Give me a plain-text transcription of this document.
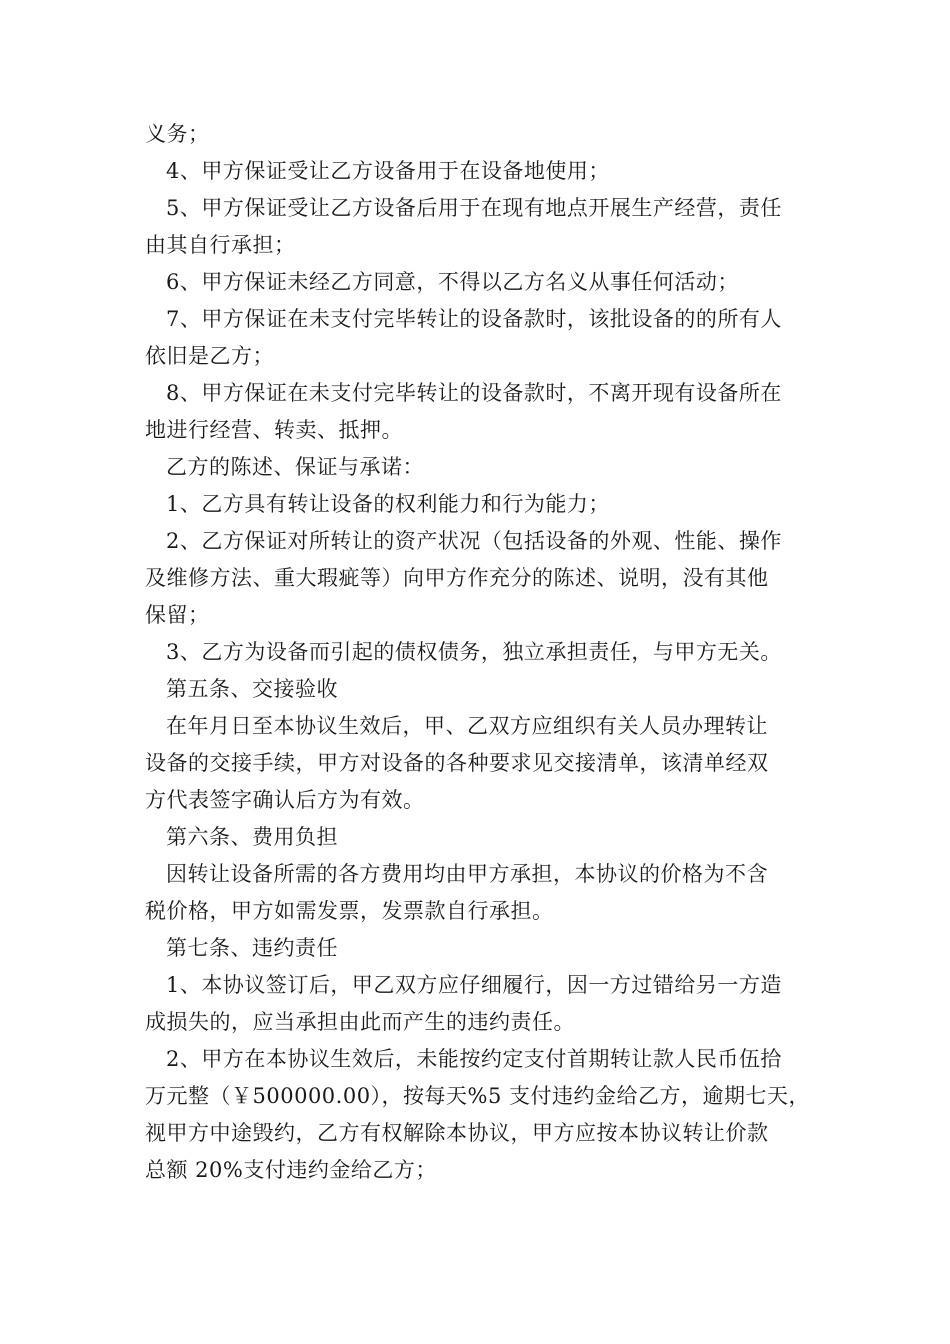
义务；
4、甲方保证受让乙方设备用于在设备地使用；
5、甲方保证受让乙方设备后用于在现有地点开展生产经营，责任
由其自行承担；
6、甲方保证未经乙方同意，不得以乙方名义从事任何活动；
7、甲方保证在未支付完毕转让的设备款时，该批设备的的所有人
依旧是乙方；
8、甲方保证在未支付完毕转让的设备款时，不离开现有设备所在
地进行经营、转卖、抵押。
乙方的陈述、保证与承诺：
1、乙方具有转让设备的权利能力和行为能力；
2、乙方保证对所转让的资产状况（包括设备的外观、性能、操作
及维修方法、重大瑕疵等）向甲方作充分的陈述、说明，没有其他
保留；
3、乙方为设备而引起的债权债务，独立承担责任，与甲方无关。
第五条、交接验收
在年月日至本协议生效后，甲、乙双方应组织有关人员办理转让
设备的交接手续，甲方对设备的各种要求见交接清单，该清单经双
方代表签字确认后方为有效。
第六条、费用负担
因转让设备所需的各方费用均由甲方承担，本协议的价格为不含
税价格，甲方如需发票，发票款自行承担。
第七条、违约责任
1、本协议签订后，甲乙双方应仔细履行，因一方过错给另一方造
成损失的，应当承担由此而产生的违约责任。
2、甲方在本协议生效后，未能按约定支付首期转让款人民币伍拾
万元整（￥500000.00），按每天%5 支付违约金给乙方，逾期七天，
视甲方中途毁约，乙方有权解除本协议，甲方应按本协议转让价款
总额 20%支付违约金给乙方；
